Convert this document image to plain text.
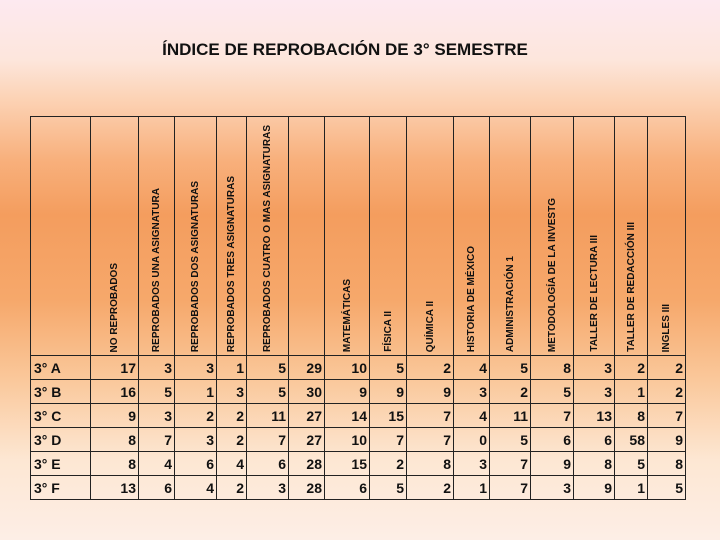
ÍNDICE DE REPROBACIÓN DE 3° SEMESTRE

	NO REPROBADOS	REPROBADOS UNA ASIGNATURA	REPROBADOS DOS ASIGNATURAS	REPROBADOS TRES ASIGNATURAS	REPROBADOS CUATRO O MAS ASIGNATURAS		MATEMÁTICAS	FÍSICA II	QUÍMICA II	HISTORIA DE MÉXICO	ADMINISTRACIÓN 1	METODOLOGÍA DE LA INVESTG	TALLER DE LECTURA III	TALLER DE REDACCIÓN III	INGLES III

3° A	17	3	3	1	5	29	10	5	2	4	5	8	3	2	2
3° B	16	5	1	3	5	30	9	9	9	3	2	5	3	1	2
3° C	9	3	2	2	11	27	14	15	7	4	11	7	13	8	7
3° D	8	7	3	2	7	27	10	7	7	0	5	6	6	58	9
3° E	8	4	6	4	6	28	15	2	8	3	7	9	8	5	8
3° F	13	6	4	2	3	28	6	5	2	1	7	3	9	1	5
